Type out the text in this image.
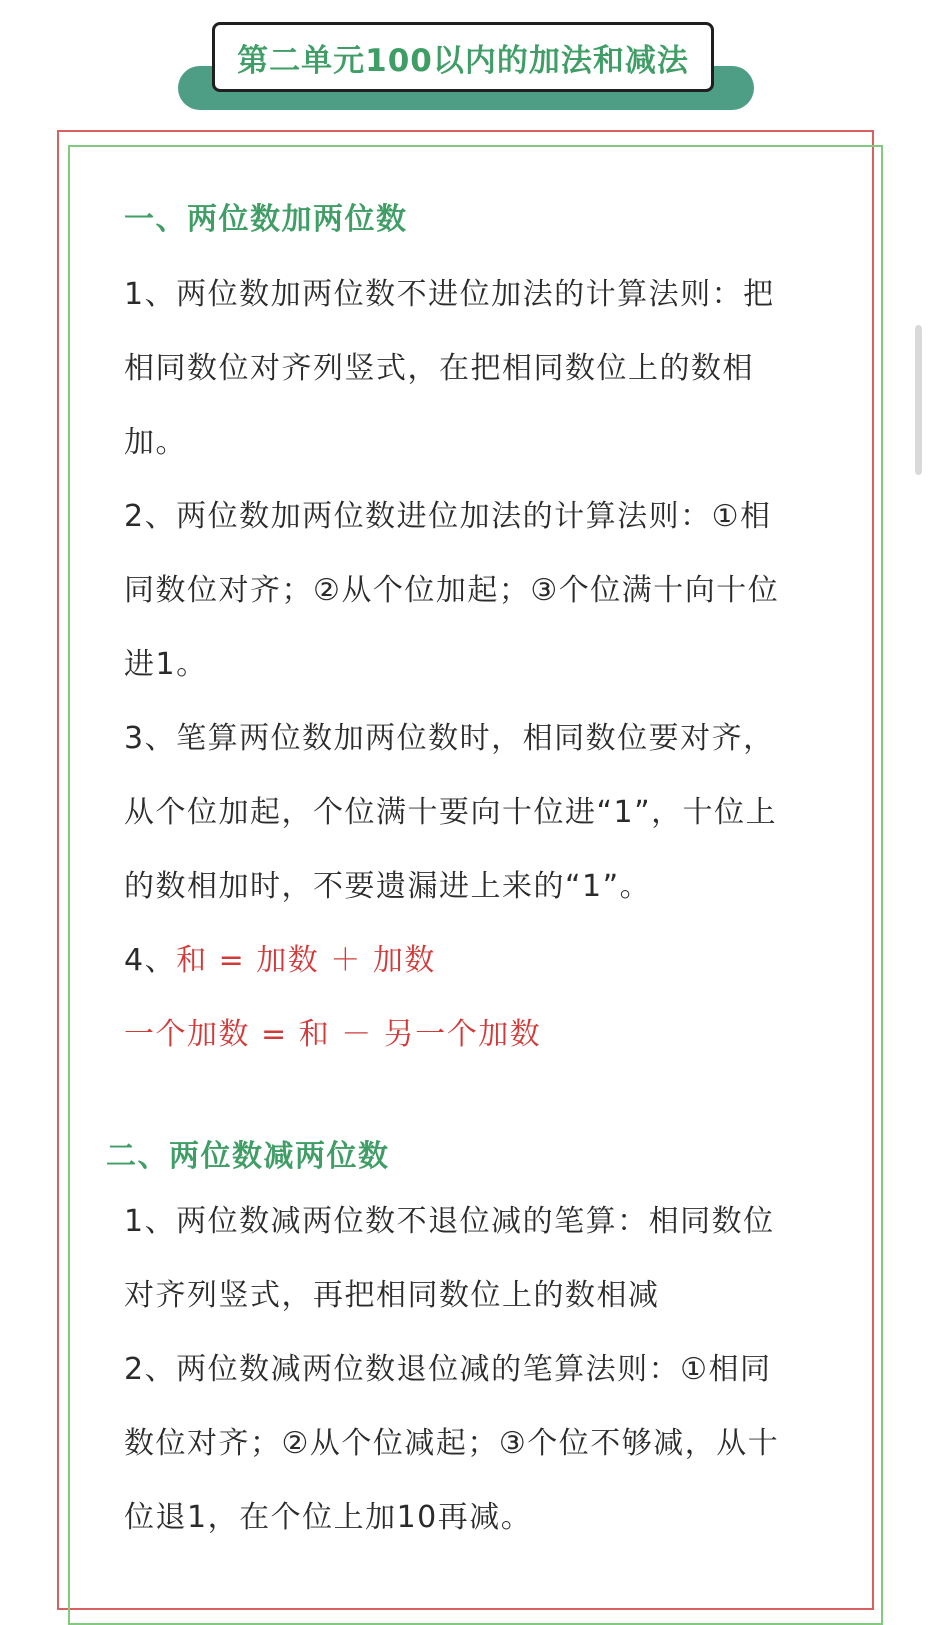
第二单元100以内的加法和减法
一、两位数加两位数
1、两位数加两位数不进位加法的计算法则：把
相同数位对齐列竖式，在把相同数位上的数相
加。
2、两位数加两位数进位加法的计算法则：①相
同数位对齐；②从个位加起；③个位满十向十位
进1。
3、笔算两位数加两位数时，相同数位要对齐，
从个位加起，个位满十要向十位进“1”，十位上
的数相加时，不要遗漏进上来的“1”。
4、和 = 加数 ＋ 加数
一个加数 = 和 － 另一个加数
二、两位数减两位数
1、两位数减两位数不退位减的笔算：相同数位
对齐列竖式，再把相同数位上的数相减
2、两位数减两位数退位减的笔算法则：①相同
数位对齐；②从个位减起；③个位不够减，从十
位退1，在个位上加10再减。
